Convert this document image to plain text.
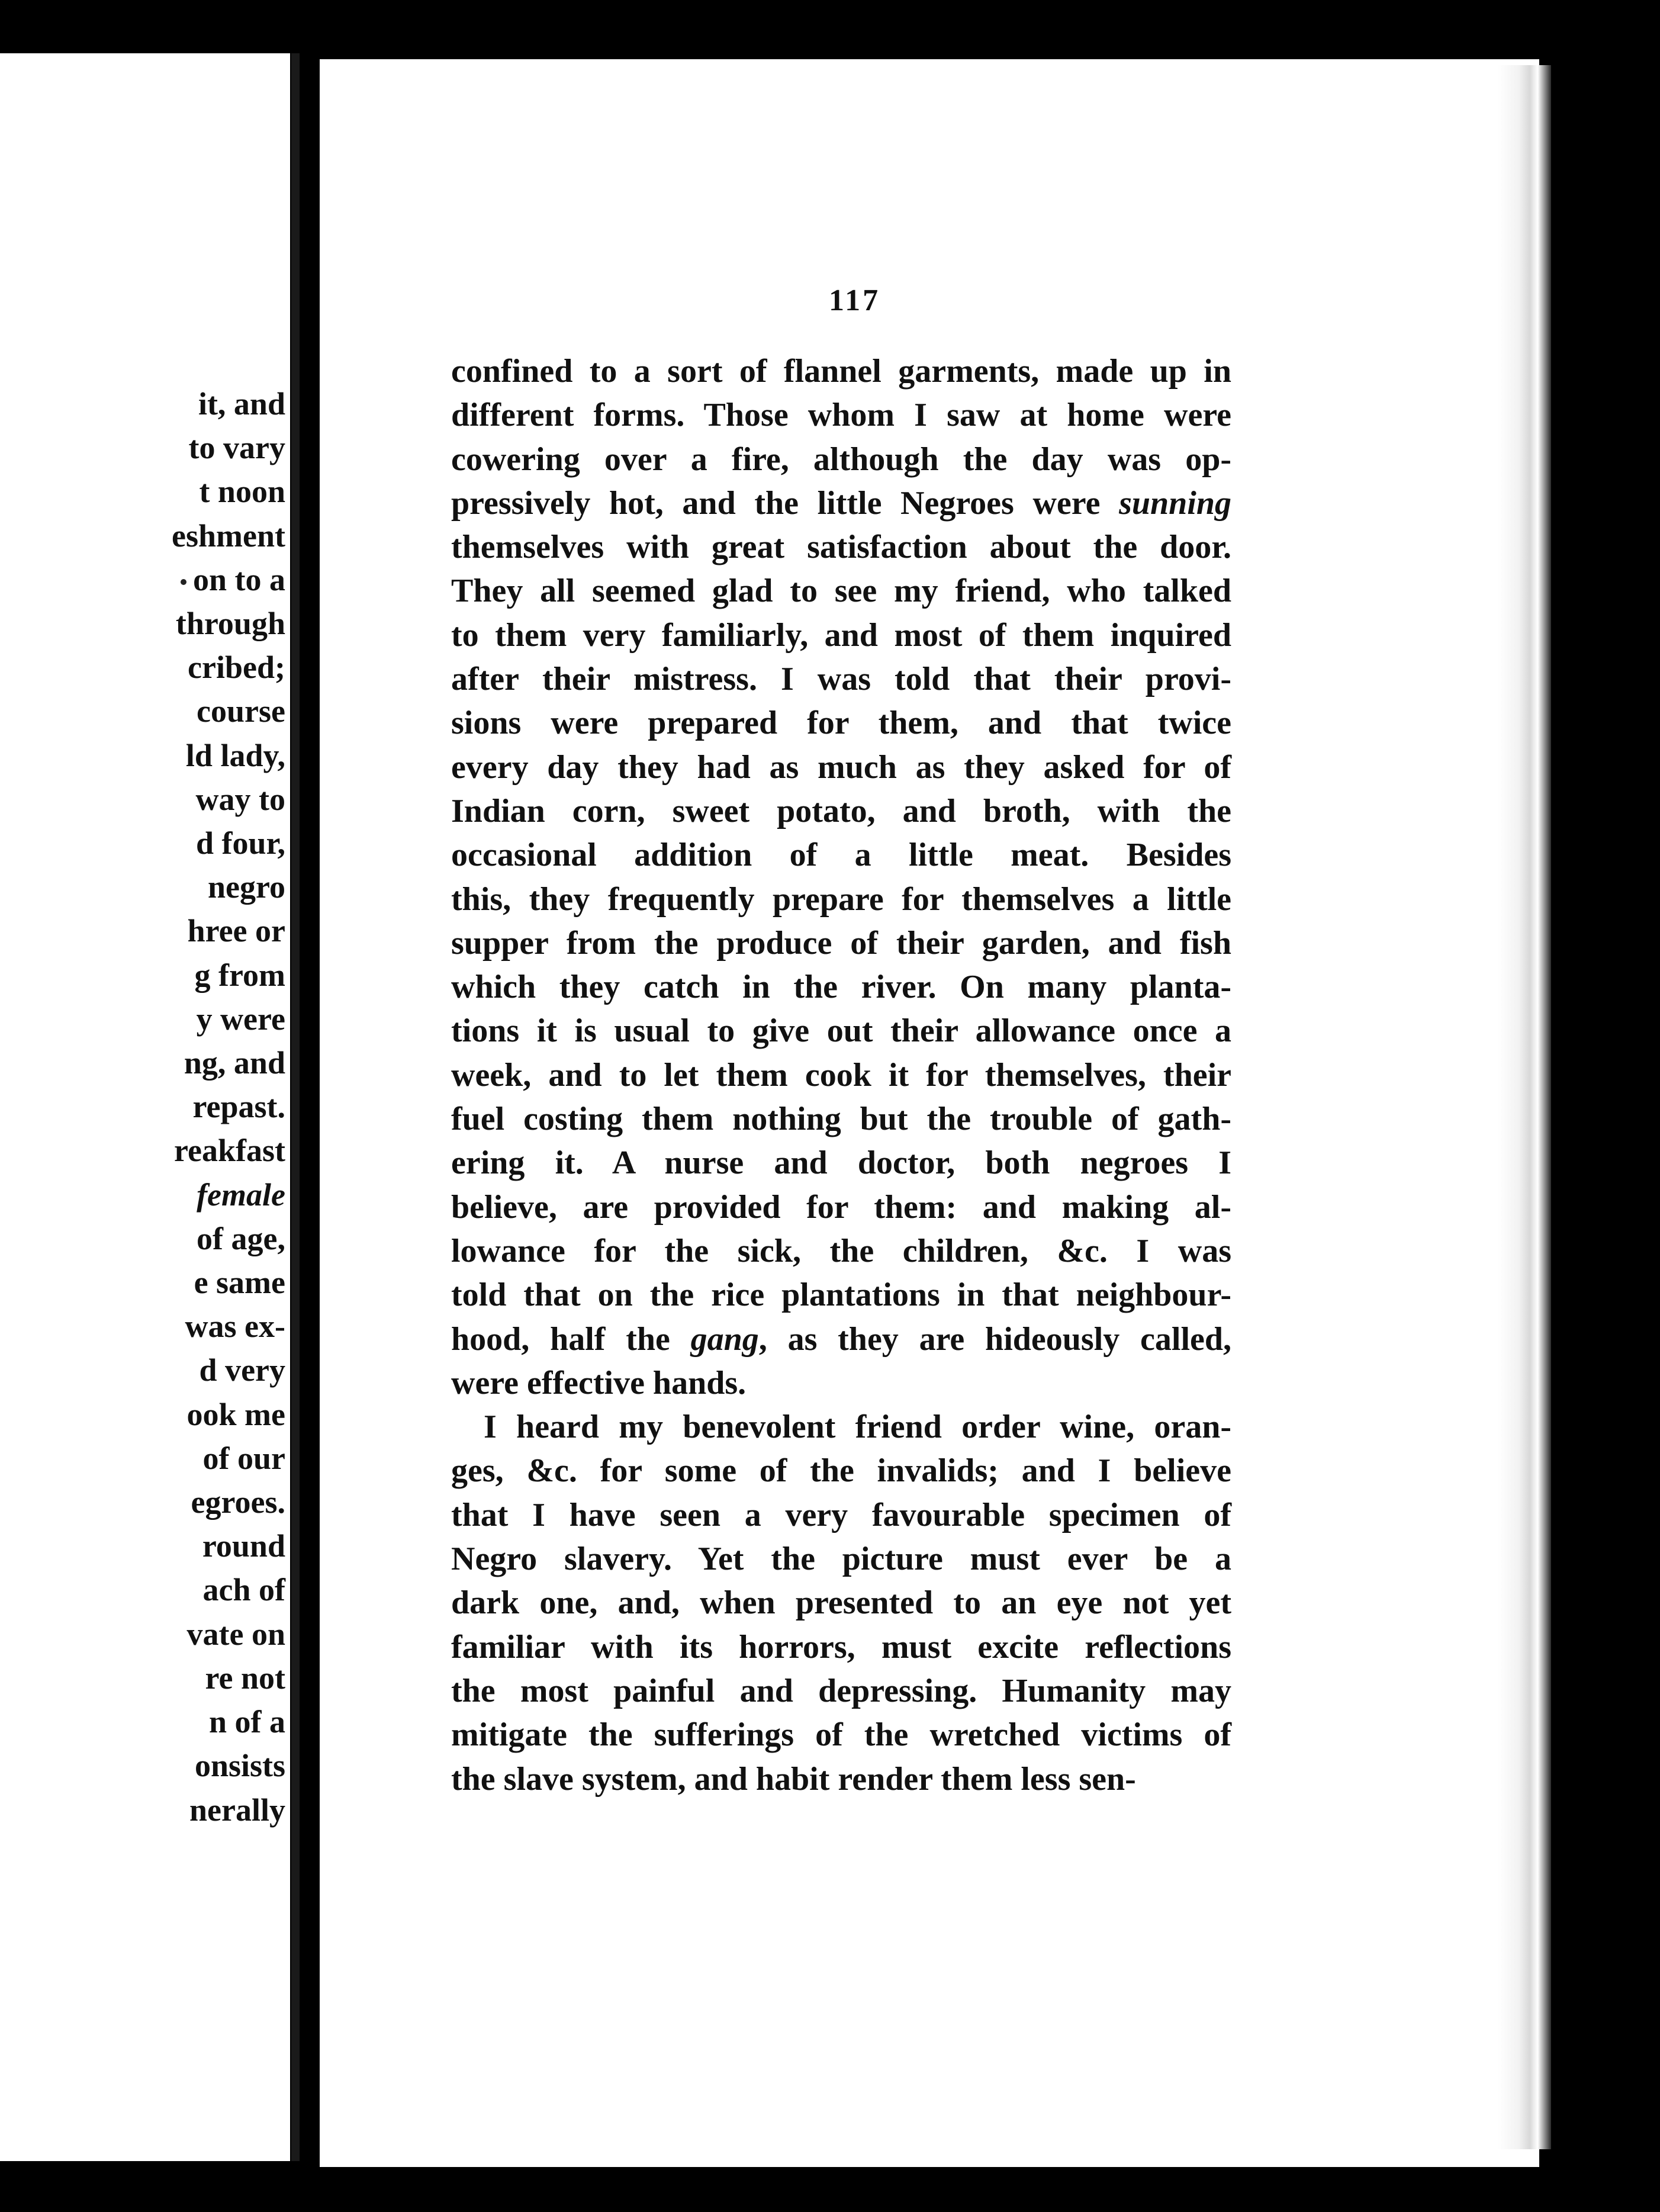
it, and
to vary
t noon
eshment
on to a
through
cribed;
course
ld lady,
way to
d four,
negro
hree or
g from
y were
ng, and
repast.
reakfast
female
of age,
e same
was ex-
d very
ook me
of our
egroes.
round
ach of
vate on
re not
n of a
onsists
nerally
117
confined to a sort of flannel garments, made up in
different forms. Those whom I saw at home were
cowering over a fire, although the day was op-
pressively hot, and the little Negroes were sunning
themselves with great satisfaction about the door.
They all seemed glad to see my friend, who talked
to them very familiarly, and most of them inquired
after their mistress. I was told that their provi-
sions were prepared for them, and that twice
every day they had as much as they asked for of
Indian corn, sweet potato, and broth, with the
occasional addition of a little meat. Besides
this, they frequently prepare for themselves a little
supper from the produce of their garden, and fish
which they catch in the river. On many planta-
tions it is usual to give out their allowance once a
week, and to let them cook it for themselves, their
fuel costing them nothing but the trouble of gath-
ering it. A nurse and doctor, both negroes I
believe, are provided for them: and making al-
lowance for the sick, the children, &c. I was
told that on the rice plantations in that neighbour-
hood, half the gang, as they are hideously called,
were effective hands.
I heard my benevolent friend order wine, oran-
ges, &c. for some of the invalids; and I believe
that I have seen a very favourable specimen of
Negro slavery. Yet the picture must ever be a
dark one, and, when presented to an eye not yet
familiar with its horrors, must excite reflections
the most painful and depressing. Humanity may
mitigate the sufferings of the wretched victims of
the slave system, and habit render them less sen-
